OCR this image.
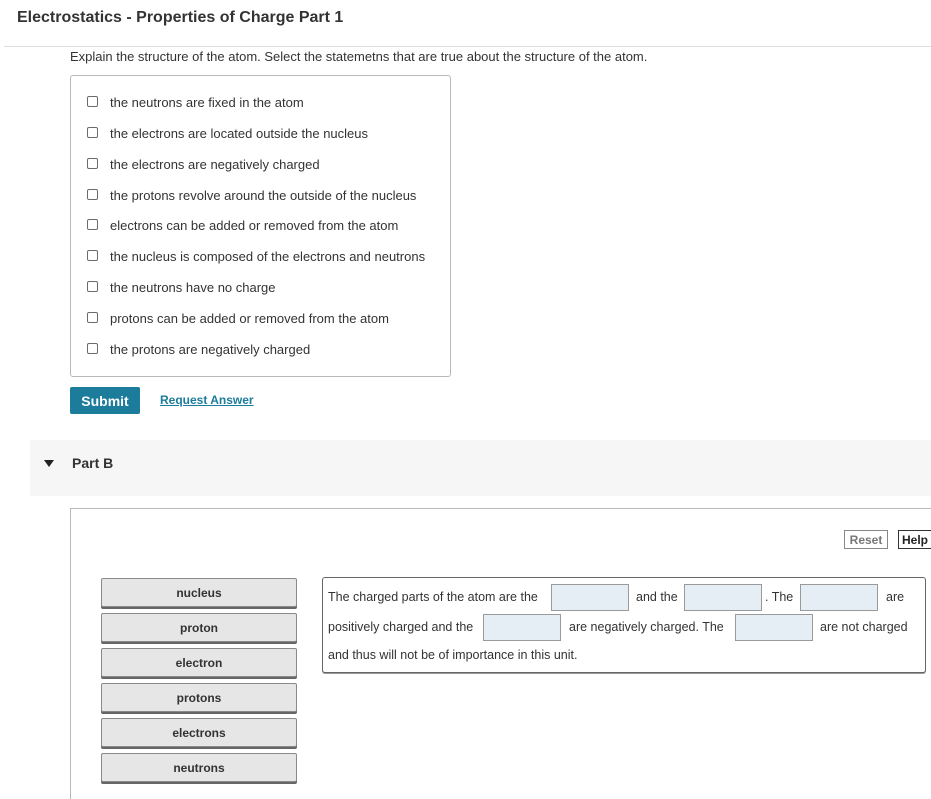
Electrostatics - Properties of Charge Part 1
Explain the structure of the atom. Select the statemetns that are true about the structure of the atom.
the neutrons are fixed in the atom
the electrons are located outside the nucleus
the electrons are negatively charged
the protons revolve around the outside of the nucleus
electrons can be added or removed from the atom
the nucleus is composed of the electrons and neutrons
the neutrons have no charge
protons can be added or removed from the atom
the protons are negatively charged
Submit	Request Answer
Part B
Reset	Help
nucleus
proton
electron
protons
electrons
neutrons
The charged parts of the atom are the	and the	. The	are
positively charged and the	are negatively charged. The	are not charged
and thus will not be of importance in this unit.
